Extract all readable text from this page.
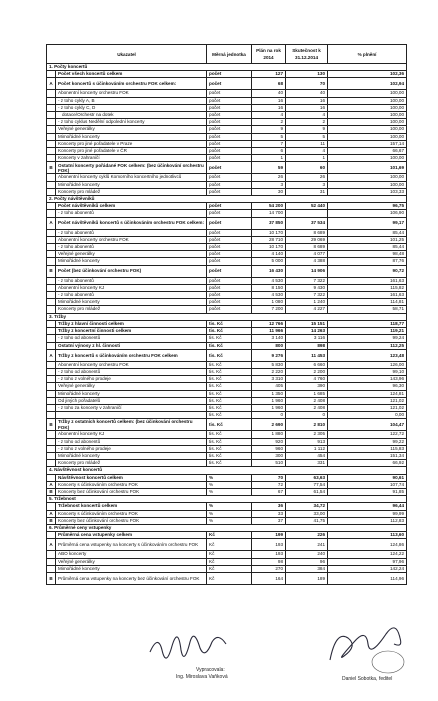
Ukazatel		Měrná jednotka	Plán na rok 2014	Skutečnost k 31.12.2014	% plnění
1. Počty koncertů					
	Počet všech koncertů celkem	počet	127	130	102,36
A	Počet koncertů s účinkováním orchestru FOK celkem:	počet	68	70	102,94
	Abonentní koncerty orchestru FOK	počet	40	40	100,00
	- z toho cykly A, B	počet	16	16	100,00
	- z toho cykly C, D	počet	16	16	100,00
	dotace/Orchestr na dotek	počet	4	4	100,00
	- z toho cyklus Nedělní odpolední koncerty	počet	2	2	100,00
	Veřejné generálky	počet	9	9	100,00
	Mimořádné koncerty	počet	5	5	100,00
	Koncerty pro jiné pořadatele v Praze	počet	7	11	157,14
	Koncerty pro jiné pořadatele v ČR	počet	6	4	66,67
	Koncerty v zahraničí	počet	1	1	100,00
B	Ostatní koncerty pořádané FOK celkem: (bez účinkování orchestru FOK)	počet	59	60	101,69
	Abonentní koncerty cyklů Komorního koncertního jednotlivců	počet	26	26	100,00
	Mimořádné koncerty	počet	3	3	100,00
	Koncerty pro mládež	počet	30	31	103,33
2. Počty návštěvníků					
	Počet návštěvníků celkem	počet	54 200	52 440	96,75
	- z toho abonentů	počet	14 700		106,90
A	Počet návštěvníků koncertů s účinkováním orchestru FOK celkem:	počet	37 850	37 534	99,17
	- z toho abonentů	počet	10 170	8 689	85,44
	Abonentní koncerty orchestru FOK	počet	28 710	29 069	101,25
	- z toho abonentů	počet	10 170	8 689	85,44
	Veřejné generálky	počet	4 140	4 077	98,48
	Mimořádné koncerty	počet	5 000	4 388	87,76
B	Počet (bez účinkování orchestru FOK)	počet	16 430	14 906	90,72
	- z toho abonentů	počet	4 530	7 322	161,63
	Abonentní koncerty KJ	počet	8 150	9 430	115,82
	- z toho abonentů	počet	4 530	7 322	161,63
	Mimořádné koncerty	počet	1 080	1 240	114,81
	Koncerty pro mládež	počet	7 200	4 227	58,71
3. Tržby					
	Tržby z hlavní činnosti celkem	tis. Kč	12 766	15 151	118,77
	Tržby z koncertní činnosti celkem	tis. Kč	11 966	14 263	119,21
	- z toho od abonentů	tis. Kč	3 140	3 116	99,24
	Ostatní výnosy z hl. činnosti	tis. Kč	800	898	112,25
A	Tržby z koncertů s účinkováním orchestru FOK celkem	tis. Kč	9 276	11 453	123,48
	Abonentní koncerty orchestru FOK	tis. Kč	5 830	6 660	126,00
	- z toho od abonentů	tis. Kč	2 220	2 200	99,10
	- z toho z volného prodeje	tis. Kč	3 310	4 760	143,96
	Veřejné generálky	tis. Kč	405	390	96,30
	Mimořádné koncerty	tis. Kč	1 350	1 685	124,81
	Od jiných pořadatelů	tis. Kč	1 960	2 408	121,02
	- z toho za koncerty v zahraničí	tis. Kč	1 960	2 408	121,02
		tis. Kč	0	0	0,00
B	Tržby z ostatních koncertů celkem: (bez účinkování orchestru FOK)	tis. Kč	2 690	2 810	104,47
	Abonentní koncerty KJ	tis. Kč	1 880	2 305	122,72
	- z toho od abonentů	tis. Kč	920	913	99,22
	- z toho z volného prodeje	tis. Kč	960	1 112	115,83
	Mimořádné koncerty	tis. Kč	300	454	151,34
	Koncerty pro mládež	tis. Kč	510	331	66,92
4. Návštěvnost koncertů					
	Návštěvnost koncertů celkem	%	70	63,63	90,61
A	Koncerty s účinkováním orchestru FOK	%	72	77,54	107,74
B	Koncerty bez účinkování orchestru FOK	%	67	61,54	91,85
5. Tržebnost					
	Tržebnost koncertů celkem	%	36	34,72	96,44
A	Koncerty s účinkováním orchestru FOK	%	33	33,00	99,99
B	Koncerty bez účinkování orchestru FOK	%	37	41,75	112,83
6. Průměrné ceny vstupenky					
	Průměrná cena vstupenky celkem	Kč	199	226	113,60
A	Průměrná cena vstupenky na koncerty s účinkováním orchestru FOK	Kč	193	241	124,86
	ABO koncerty	Kč	193	240	124,22
	Veřejné generálky	Kč	98	96	97,96
	Mimořádné koncerty	Kč	270	384	142,24
B	Průměrná cena vstupenky na koncerty bez účinkování orchestru FOK	Kč	164	189	114,96
Vypracovala:
Ing. Miroslava Vaňková	Daniel Sobotka, ředitel
